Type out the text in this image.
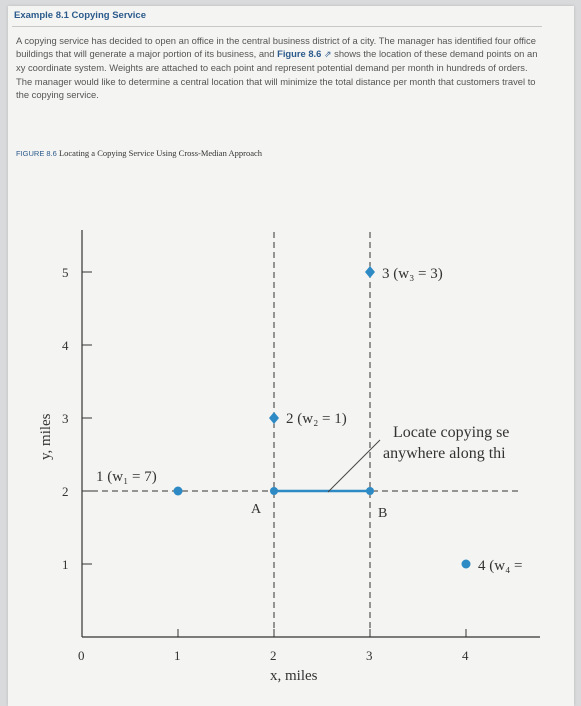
Example 8.1 Copying Service
A copying service has decided to open an office in the central business district of a city. The manager has identified four office buildings that will generate a major portion of its business, and Figure 8.6 ⇗ shows the location of these demand points on an xy coordinate system. Weights are attached to each point and represent potential demand per month in hundreds of orders. The manager would like to determine a central location that will minimize the total distance per month that customers travel to the copying service.
FIGURE 8.6 Locating a Copying Service Using Cross-Median Approach
0	1	2	3	4
1
2
3
4
5
1 (w₁ = 7)
2 (w₂ = 1)
3 (w₃ = 3)
4 (w₄ =
x, miles
y, miles
A	B
Locate copying se
anywhere along thi
